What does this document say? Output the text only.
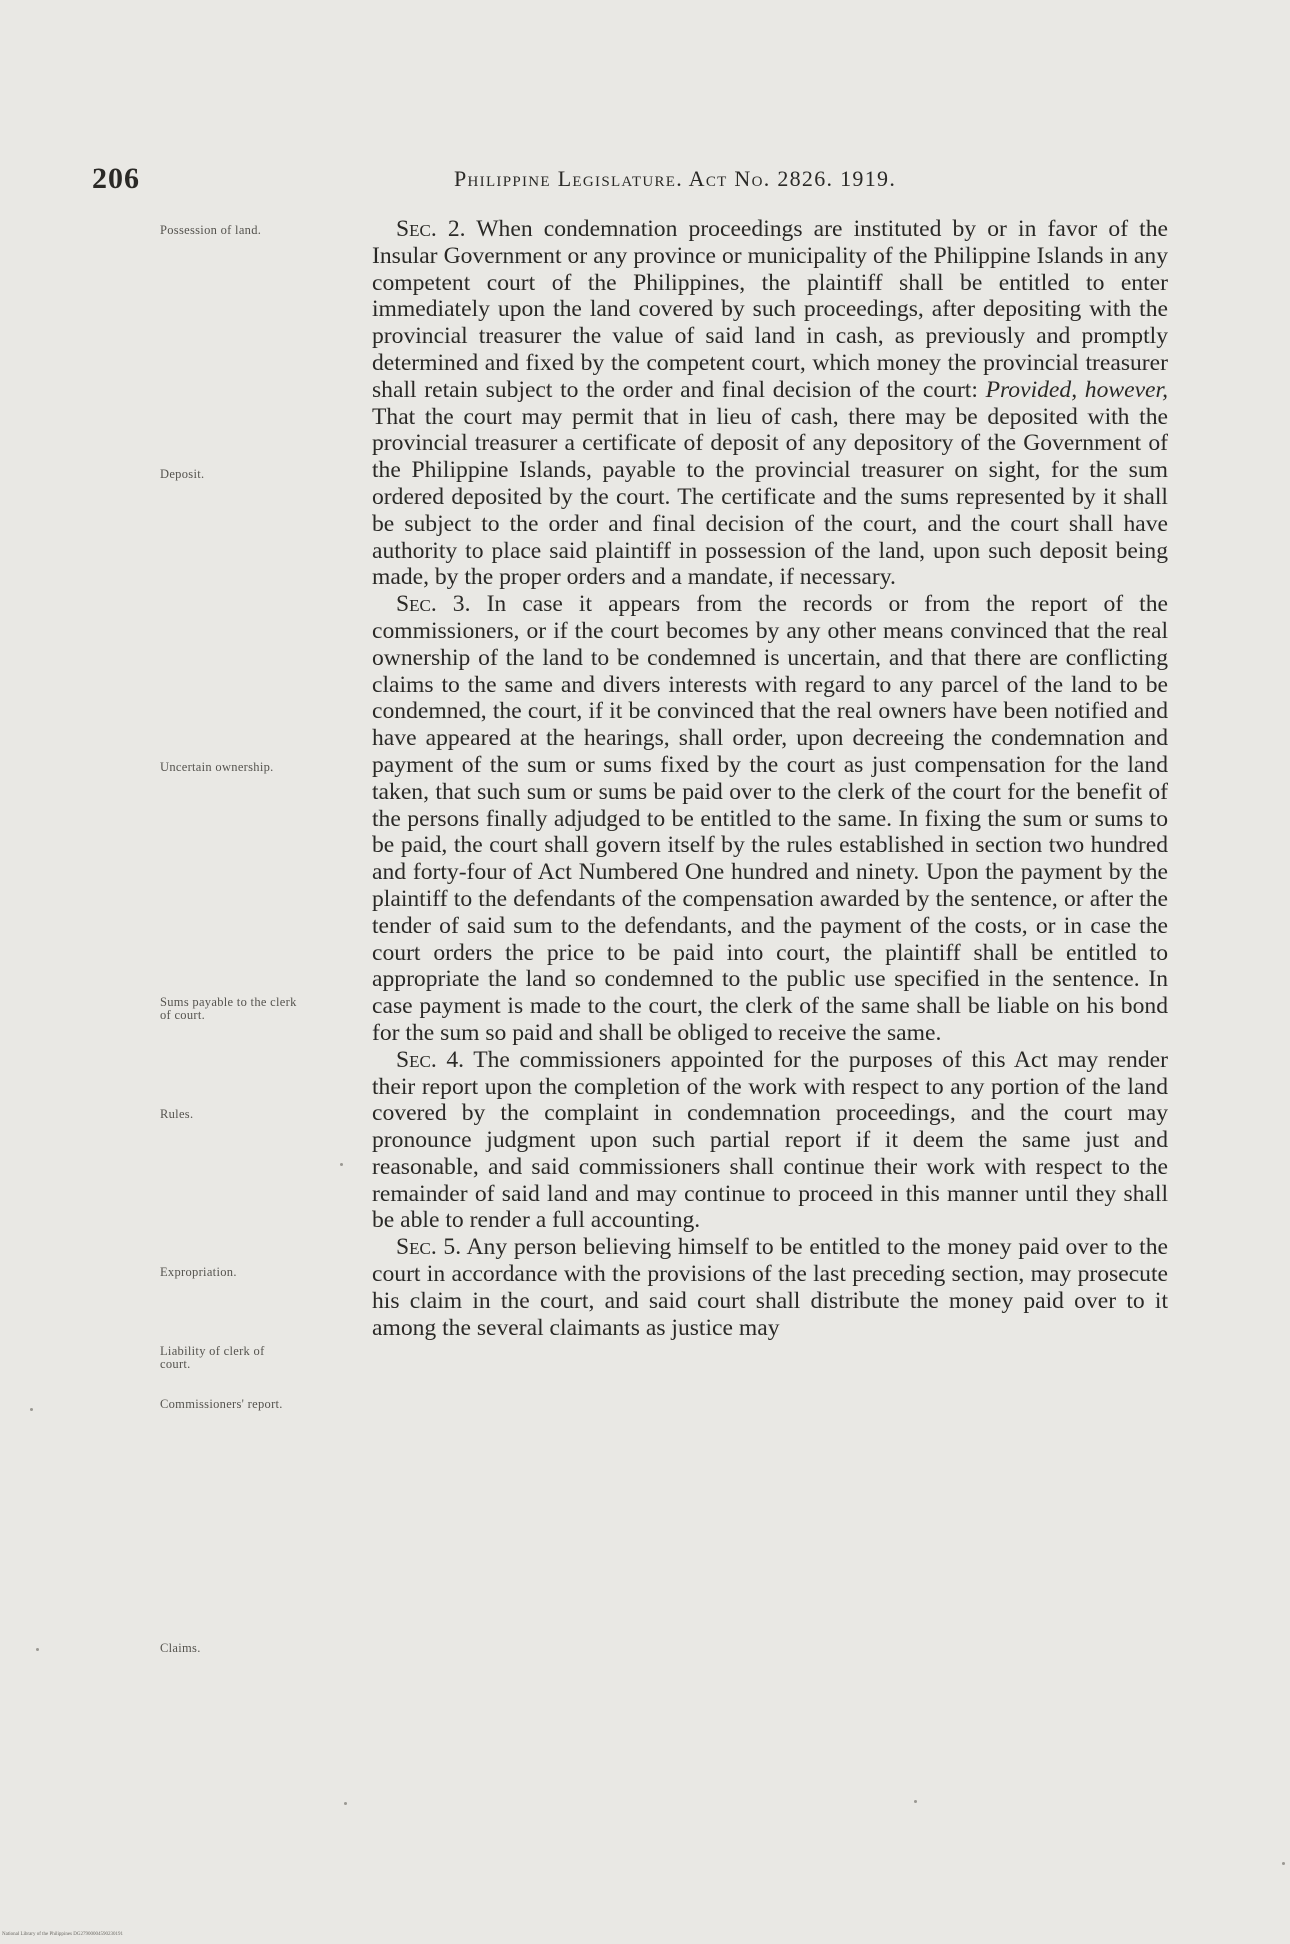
206	Philippine Legislature. Act No. 2826. 1919.
Possession of land.
Deposit.
Uncertain ownership.
Sums payable to the clerk of court.
Rules.
Expropriation.
Liability of clerk of court.
Commissioners' report.
Claims.

Sec. 2. When condemnation proceedings are instituted by or in favor of the Insular Government or any province or municipality of the Philippine Islands in any competent court of the Philippines, the plaintiff shall be entitled to enter immediately upon the land covered by such proceedings, after depositing with the provincial treasurer the value of said land in cash, as previously and promptly determined and fixed by the competent court, which money the provincial treasurer shall retain subject to the order and final decision of the court: Provided, however, That the court may permit that in lieu of cash, there may be deposited with the provincial treasurer a certificate of deposit of any depository of the Government of the Philippine Islands, payable to the provincial treasurer on sight, for the sum ordered deposited by the court. The certificate and the sums represented by it shall be subject to the order and final decision of the court, and the court shall have authority to place said plaintiff in possession of the land, upon such deposit being made, by the proper orders and a mandate, if necessary.

Sec. 3. In case it appears from the records or from the report of the commissioners, or if the court becomes by any other means convinced that the real ownership of the land to be condemned is uncertain, and that there are conflicting claims to the same and divers interests with regard to any parcel of the land to be condemned, the court, if it be convinced that the real owners have been notified and have appeared at the hearings, shall order, upon decreeing the condemnation and payment of the sum or sums fixed by the court as just compensation for the land taken, that such sum or sums be paid over to the clerk of the court for the benefit of the persons finally adjudged to be entitled to the same. In fixing the sum or sums to be paid, the court shall govern itself by the rules established in section two hundred and forty-four of Act Numbered One hundred and ninety. Upon the payment by the plaintiff to the defendants of the compensation awarded by the sentence, or after the tender of said sum to the defendants, and the payment of the costs, or in case the court orders the price to be paid into court, the plaintiff shall be entitled to appropriate the land so condemned to the public use specified in the sentence. In case payment is made to the court, the clerk of the same shall be liable on his bond for the sum so paid and shall be obliged to receive the same.

Sec. 4. The commissioners appointed for the purposes of this Act may render their report upon the completion of the work with respect to any portion of the land covered by the complaint in condemnation proceedings, and the court may pronounce judgment upon such partial report if it deem the same just and reasonable, and said commissioners shall continue their work with respect to the remainder of said land and may continue to proceed in this manner until they shall be able to render a full accounting.

Sec. 5. Any person believing himself to be entitled to the money paid over to the court in accordance with the provisions of the last preceding section, may prosecute his claim in the court, and said court shall distribute the money paid over to it among the several claimants as justice may

National Library of the Philippines DG27900004590230191
